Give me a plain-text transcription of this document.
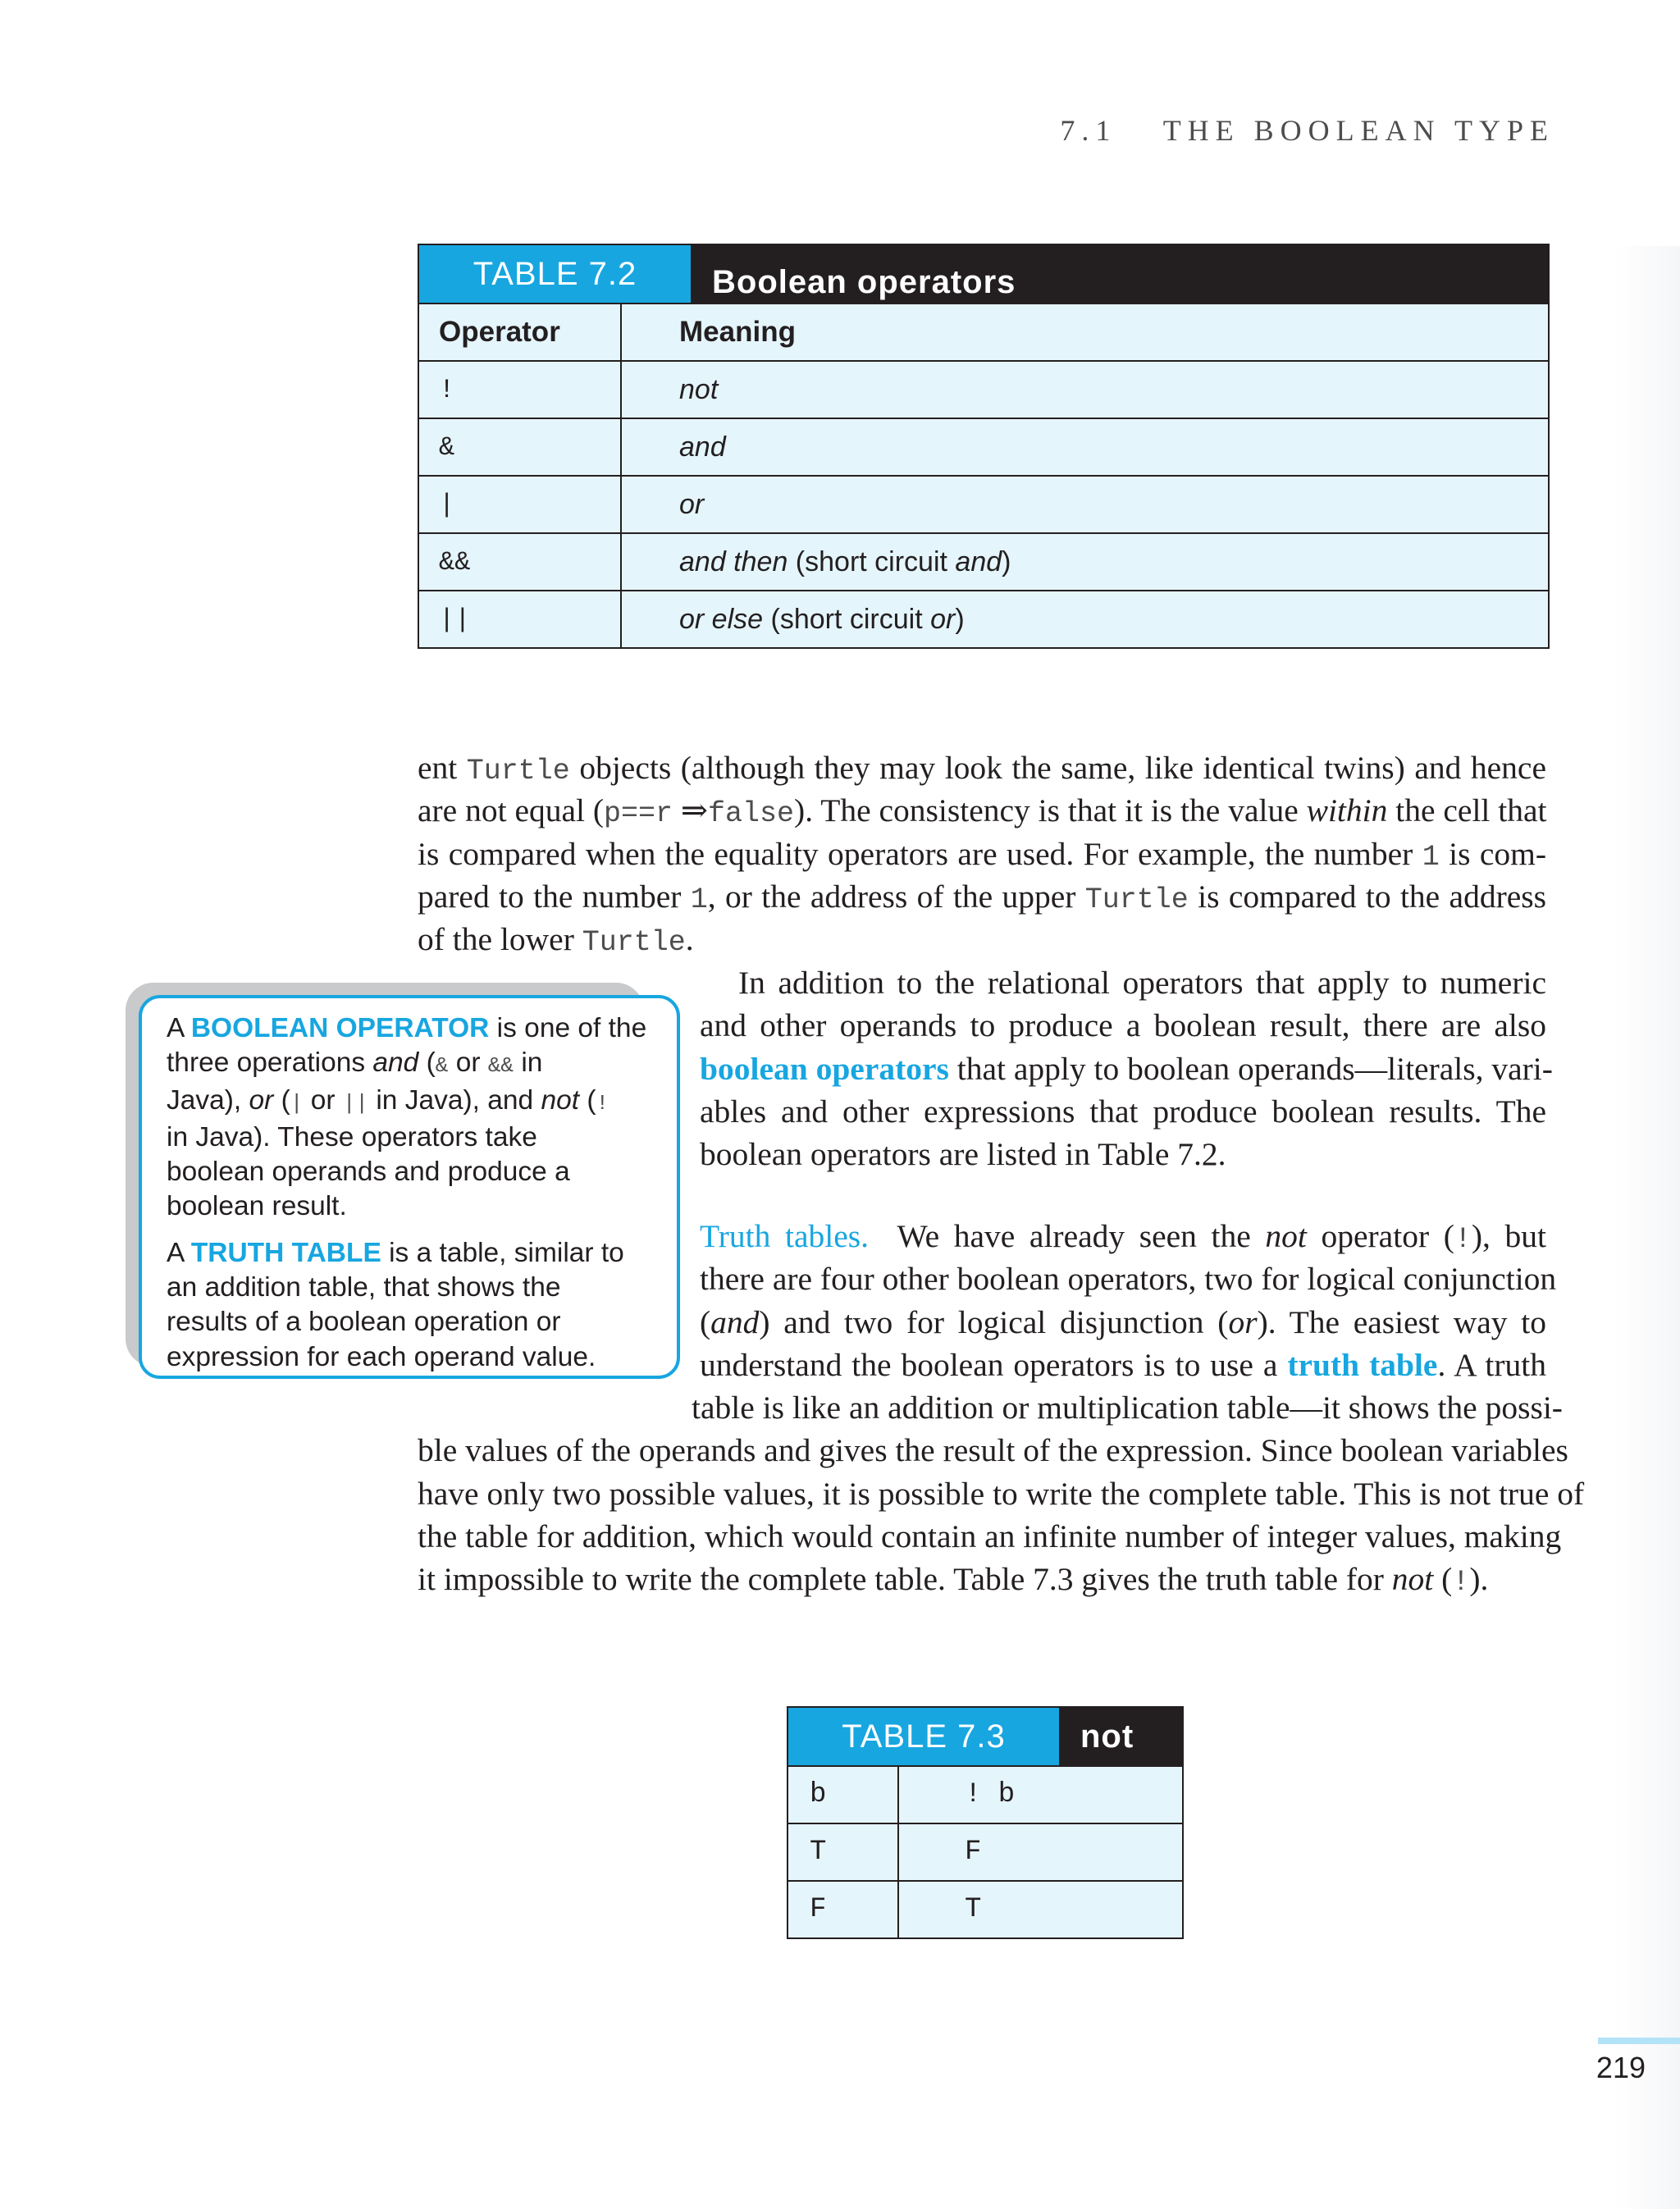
7.1 THE BOOLEAN TYPE
TABLE 7.2	Boolean operators
Operator	Meaning
!	not
&	and
|	or
&&	and then (short circuit and )
||	or else (short circuit or )
ent Turtle objects (although they may look the same, like identical twins) and hence
are not equal (p==r ⇒false). The consistency is that it is the value within the cell that
is compared when the equality operators are used. For example, the number 1 is com-
pared to the number 1, or the address of the upper Turtle is compared to the address
of the lower Turtle.
In addition to the relational operators that apply to numeric
and other operands to produce a boolean result, there are also
boolean operators that apply to boolean operands—literals, vari-
ables and other expressions that produce boolean results. The
boolean operators are listed in Table 7.2.
Truth tables.  We have already seen the not operator (!), but
there are four other boolean operators, two for logical conjunction
(and) and two for logical disjunction (or). The easiest way to
understand the boolean operators is to use a truth table. A truth
table is like an addition or multiplication table—it shows the possi-
ble values of the operands and gives the result of the expression. Since boolean variables
have only two possible values, it is possible to write the complete table. This is not true of
the table for addition, which would contain an infinite number of integer values, making
it impossible to write the complete table. Table 7.3 gives the truth table for not (!).
A BOOLEAN OPERATOR is one of the
three operations and (& or && in
Java), or (| or || in Java), and not (!
in Java). These operators take
boolean operands and produce a
boolean result.
A TRUTH TABLE is a table, similar to
an addition table, that shows the
results of a boolean operation or
expression for each operand value.
TABLE 7.3	not
b	! b
T	F
F	T
219
